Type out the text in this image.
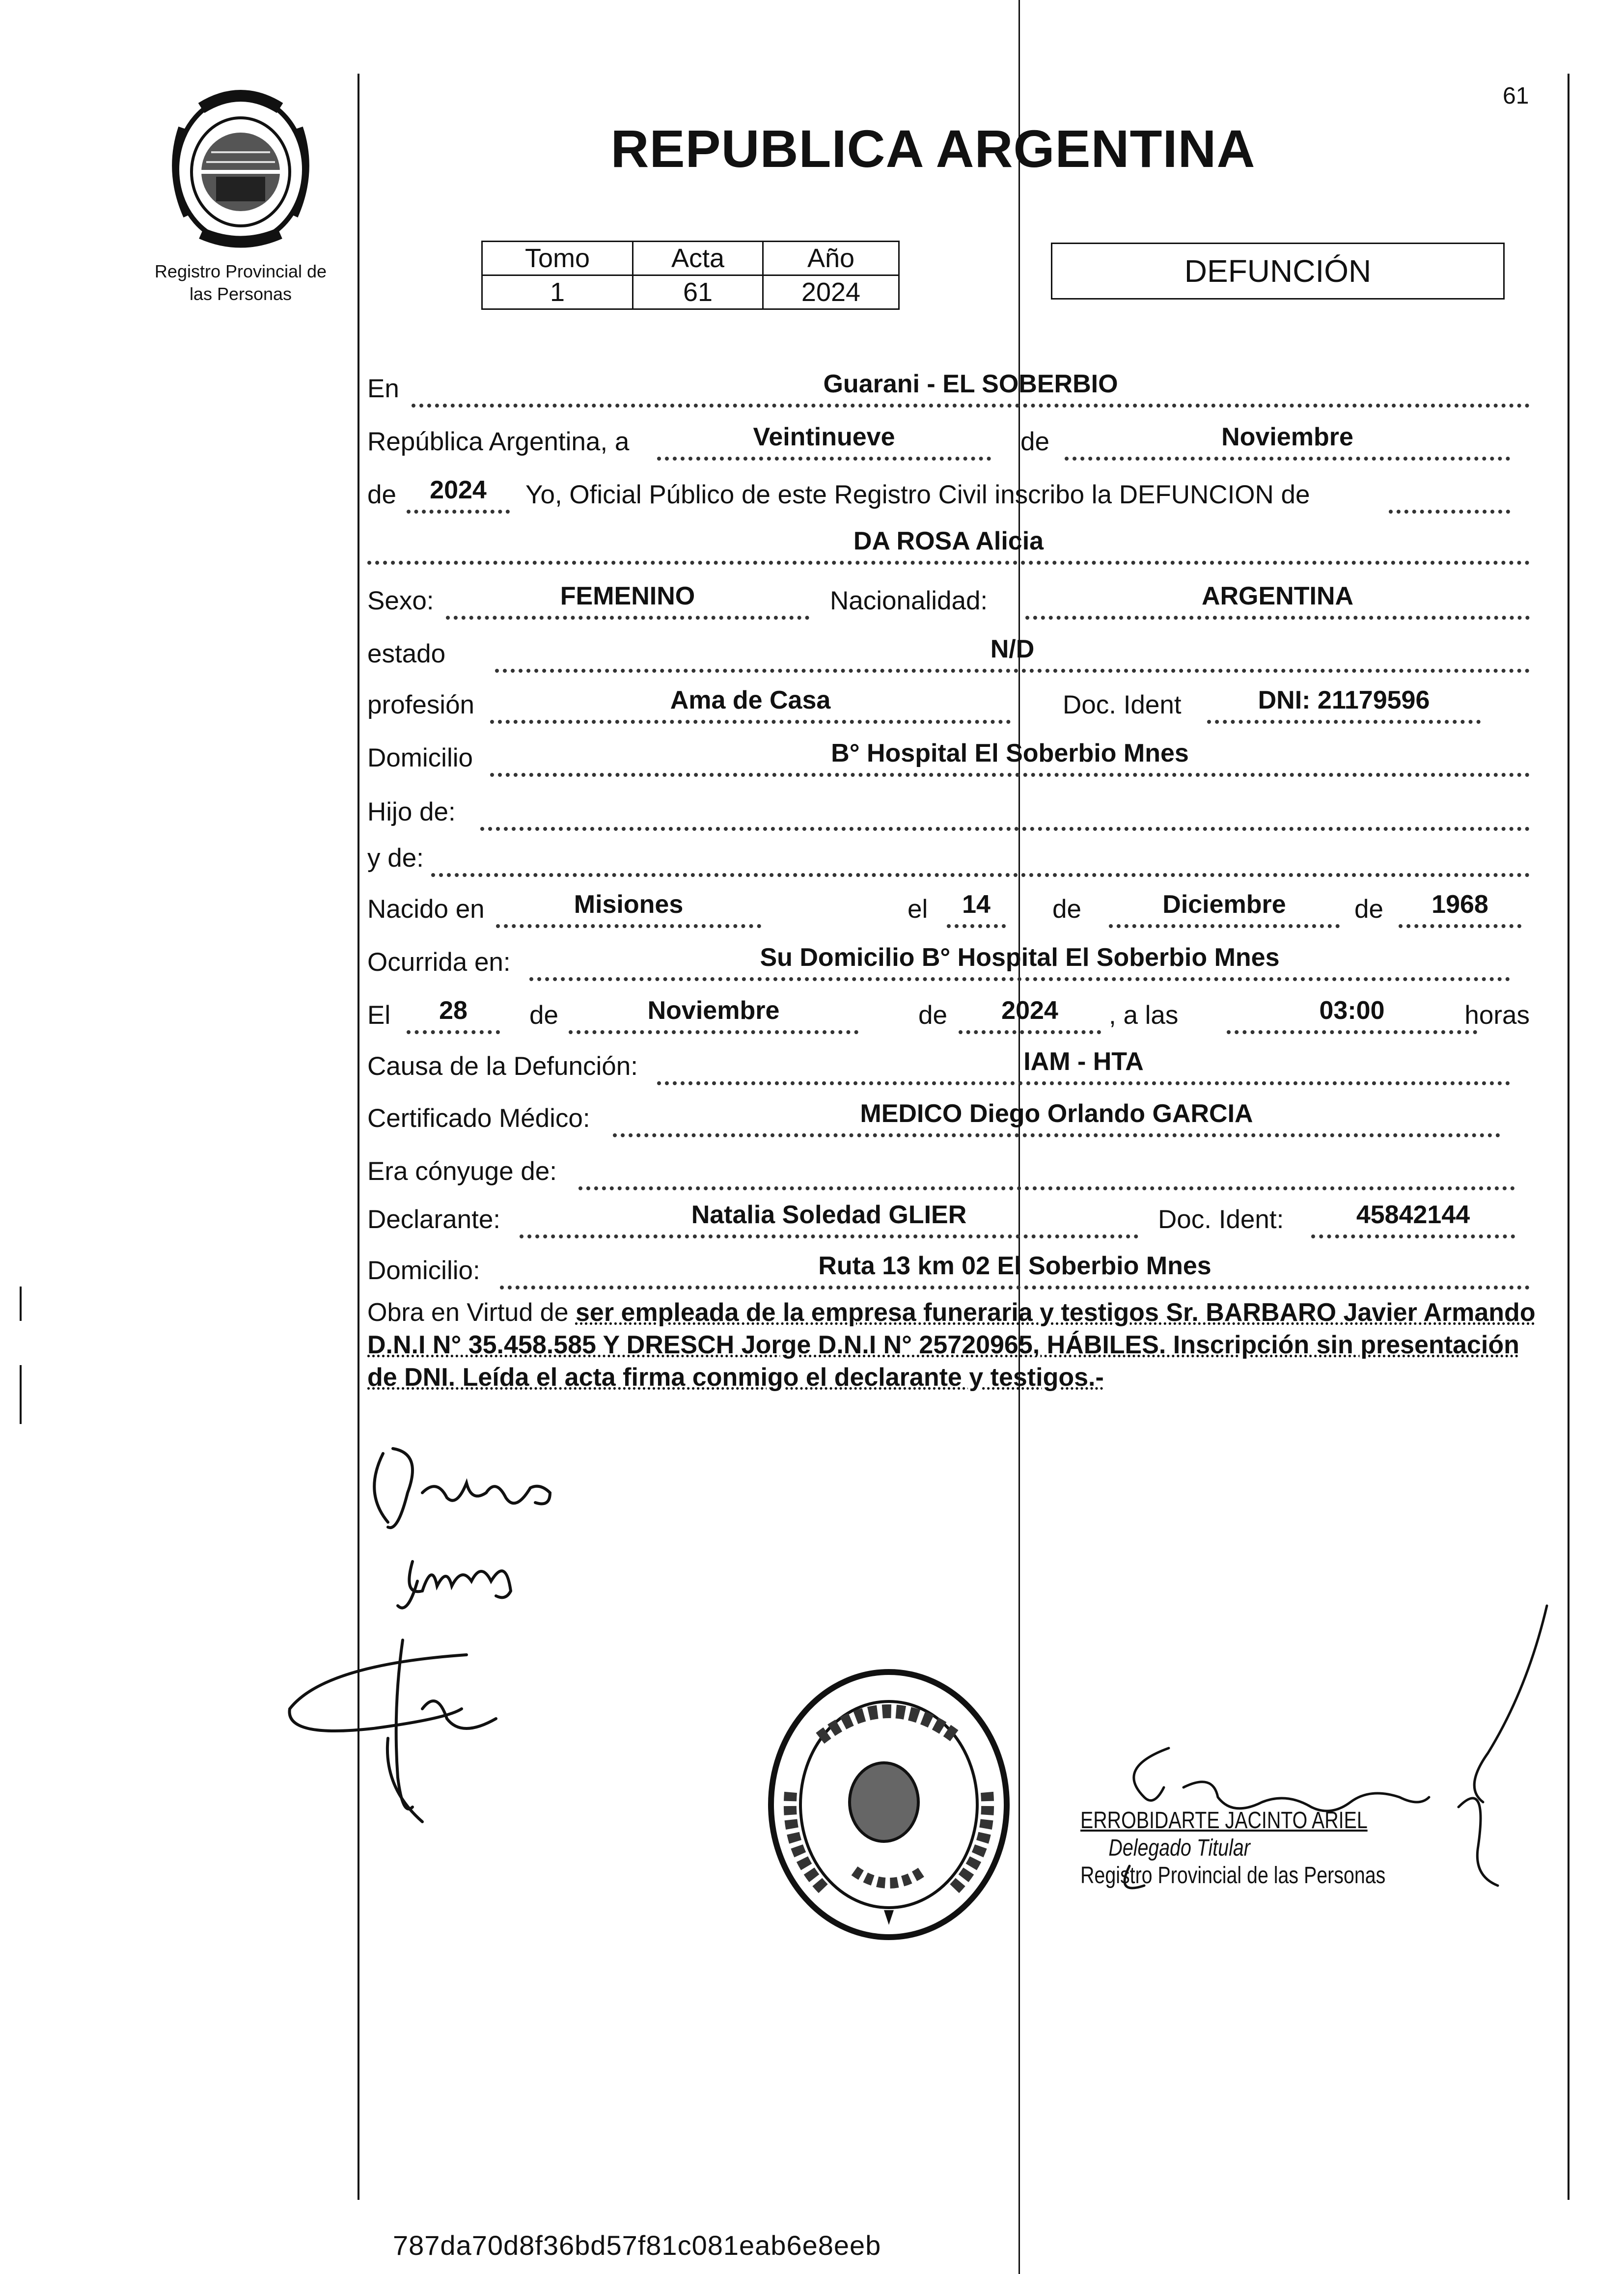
61
Registro Provincial de
las Personas
REPUBLICA ARGENTINA
Tomo	Acta	Año
1	61	2024
DEFUNCIÓN
En	Guarani - EL SOBERBIO
República Argentina, a	Veintinueve	de	Noviembre
de	2024	Yo, Oficial Público de este Registro Civil inscribo la DEFUNCION de
DA ROSA Alicia
Sexo:	FEMENINO	Nacionalidad:	ARGENTINA
estado	N/D
profesión	Ama de Casa	Doc. Ident	DNI: 21179596
Domicilio	B° Hospital El Soberbio Mnes
Hijo de:
y de:
Nacido en	Misiones	el	14	de	Diciembre	de	1968
Ocurrida en:	Su Domicilio B° Hospital El Soberbio Mnes
El	28	de	Noviembre	de	2024	, a las	03:00	horas
Causa de la Defunción:	IAM - HTA
Certificado Médico:	MEDICO Diego Orlando GARCIA
Era cónyuge de:
Declarante:	Natalia Soledad GLIER	Doc. Ident:	45842144
Domicilio:	Ruta 13 km 02 El Soberbio Mnes
Obra en Virtud de ser empleada de la empresa funeraria y testigos Sr. BARBARO Javier Armando D.N.I N° 35.458.585 Y DRESCH Jorge D.N.I N° 25720965, HÁBILES. Inscripción sin presentación de DNI. Leída el acta firma conmigo el declarante y testigos.-
ERROBIDARTE JACINTO ARIEL
Delegado Titular
Registro Provincial de las Personas
787da70d8f36bd57f81c081eab6e8eeb
